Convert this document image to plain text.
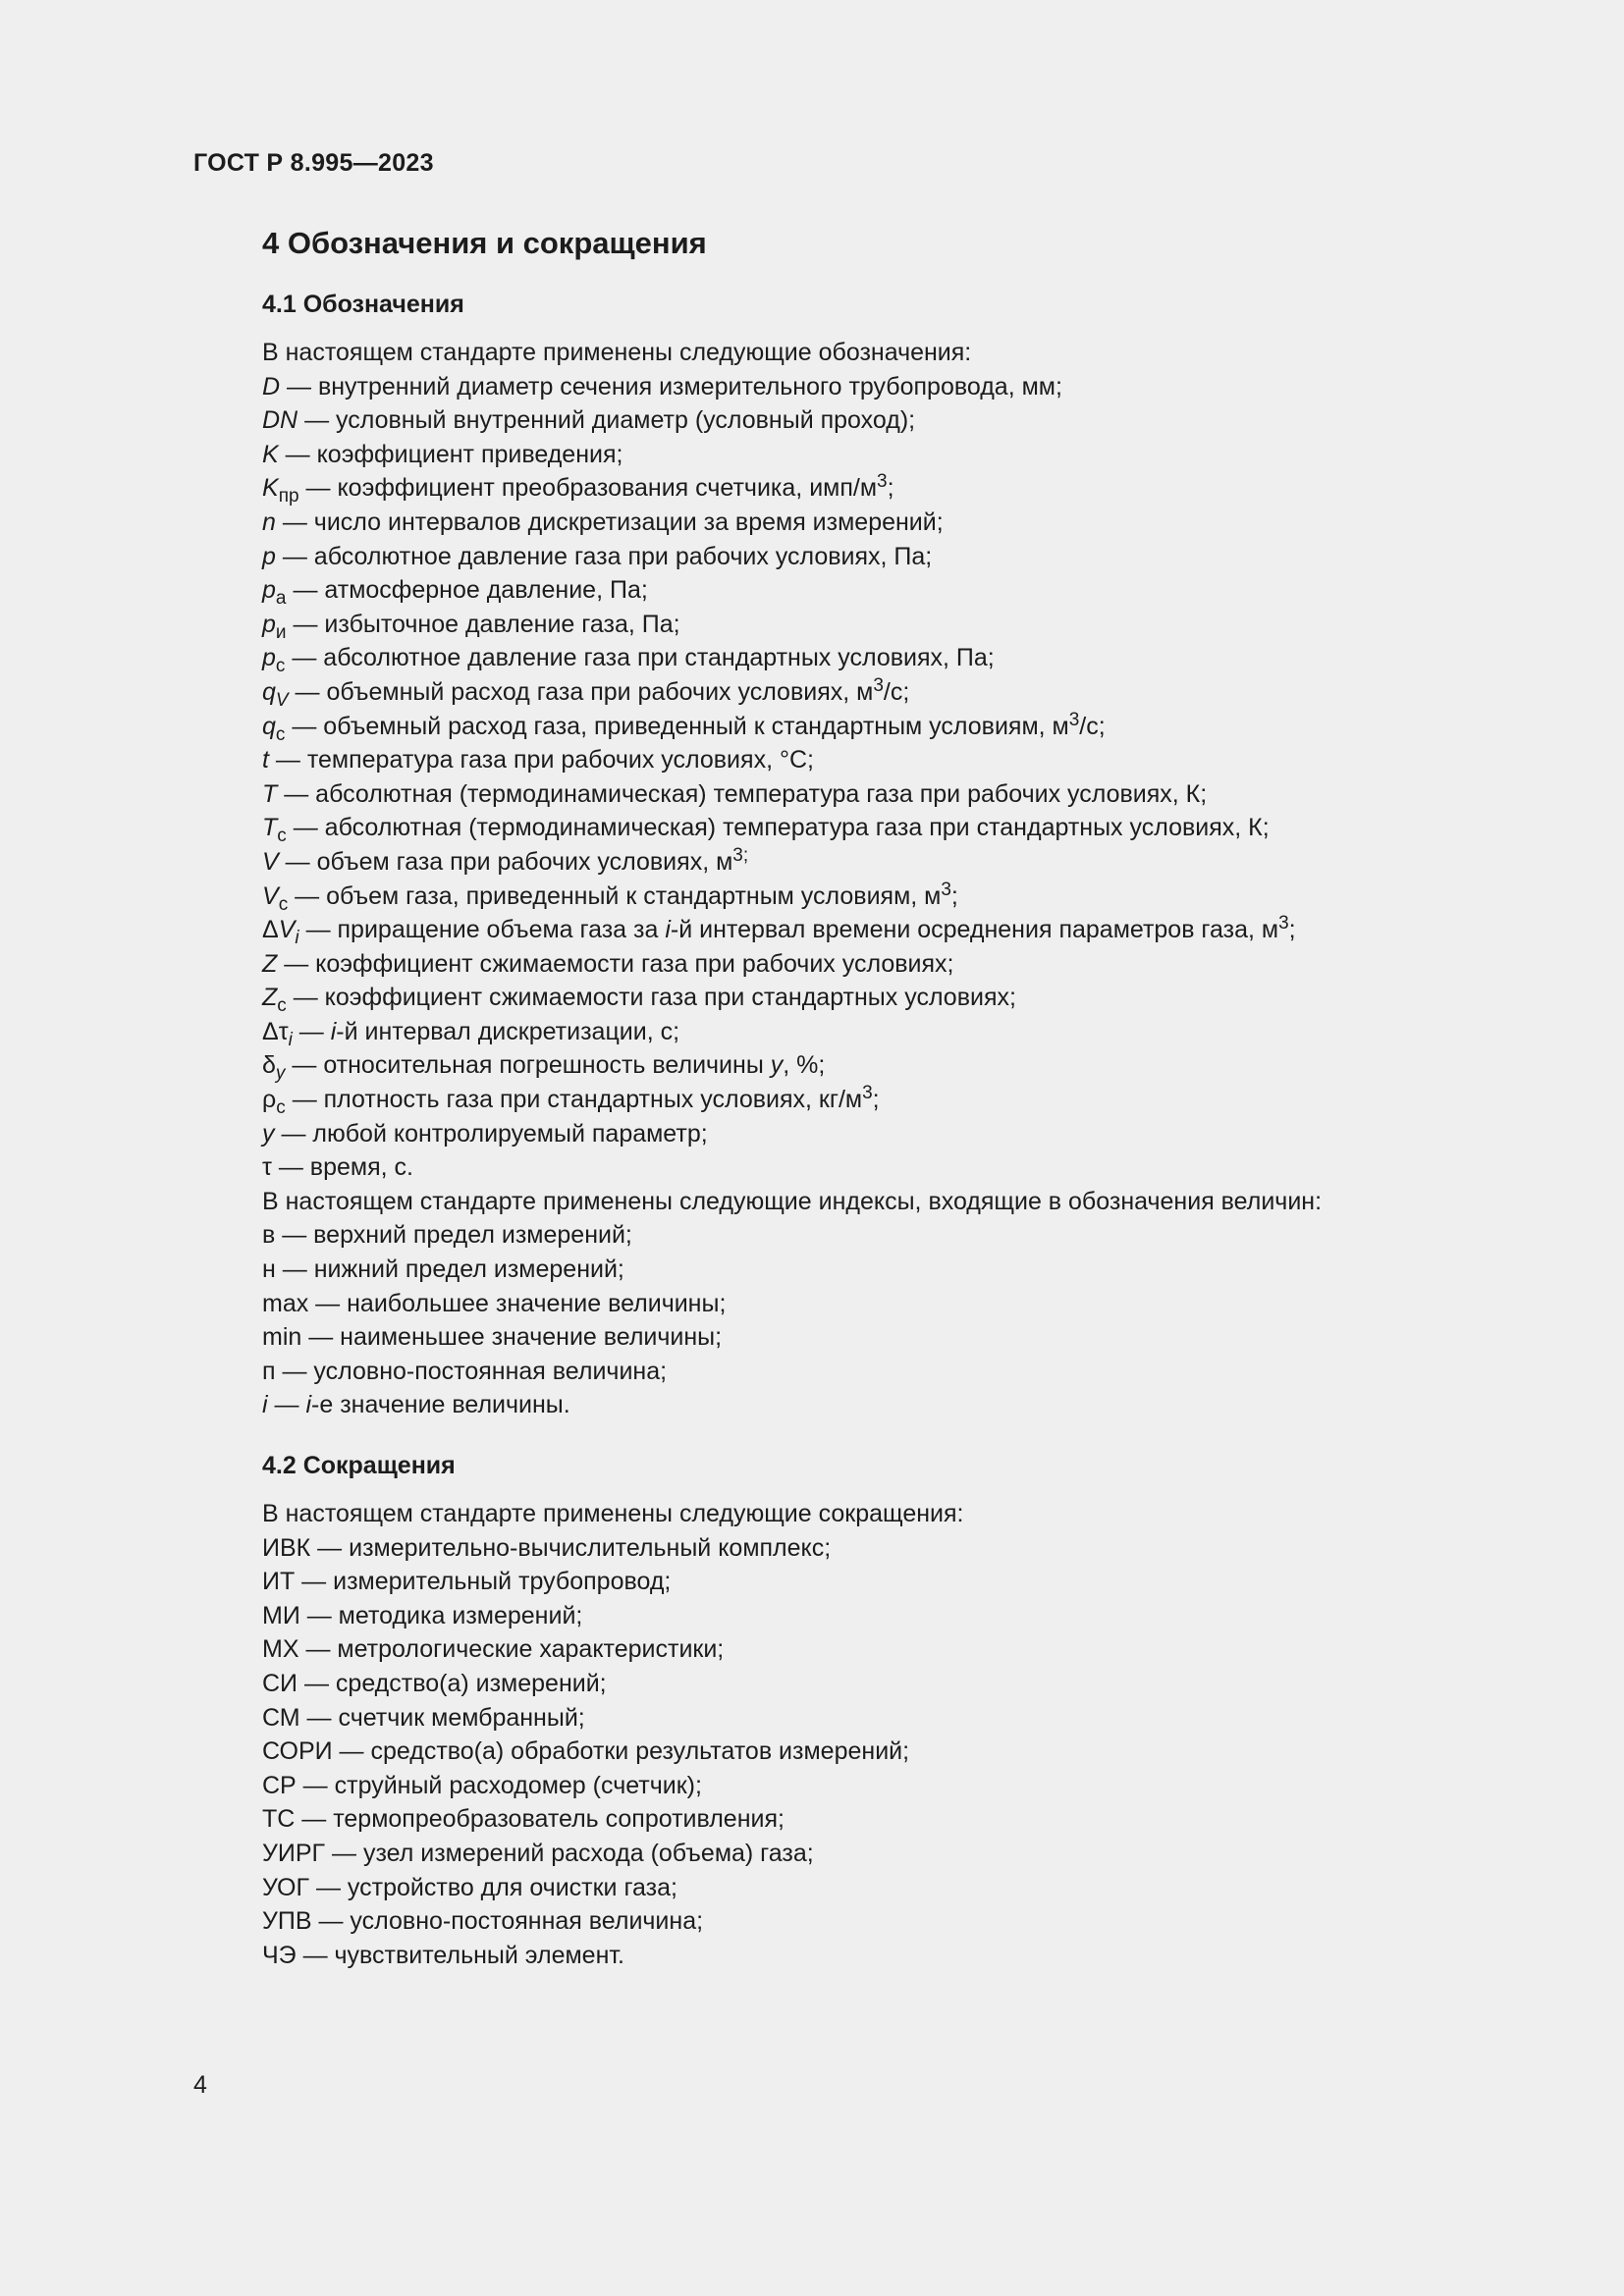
ГОСТ Р 8.995—2023
4 Обозначения и сокращения
4.1 Обозначения
В настоящем стандарте применены следующие обозначения:
D — внутренний диаметр сечения измерительного трубопровода, мм;
DN — условный внутренний диаметр (условный проход);
K — коэффициент приведения;
$K_{пр}$ — коэффициент преобразования счетчика, имп/$м^3$;
n — число интервалов дискретизации за время измерений;
p — абсолютное давление газа при рабочих условиях, Па;
$p_а$ — атмосферное давление, Па;
$p_и$ — избыточное давление газа, Па;
$p_с$ — абсолютное давление газа при стандартных условиях, Па;
$q_V$ — объемный расход газа при рабочих условиях, $м^3/с$;
$q_с$ — объемный расход газа, приведенный к стандартным условиям, $м^3/с$;
t — температура газа при рабочих условиях, °C;
T — абсолютная (термодинамическая) температура газа при рабочих условиях, К;
$T_с$ — абсолютная (термодинамическая) температура газа при стандартных условиях, К;
V — объем газа при рабочих условиях, $м^{3;}$
$V_с$ — объем газа, приведенный к стандартным условиям, $м^3$;
$\Delta V_i$ — приращение объема газа за i-й интервал времени осреднения параметров газа, $м^3$;
Z — коэффициент сжимаемости газа при рабочих условиях;
$Z_с$ — коэффициент сжимаемости газа при стандартных условиях;
$\Delta\tau_i$ — i-й интервал дискретизации, с;
$\delta_y$ — относительная погрешность величины y, %;
$\rho_с$ — плотность газа при стандартных условиях, $кг/м^3$;
y — любой контролируемый параметр;
τ — время, с.
В настоящем стандарте применены следующие индексы, входящие в обозначения величин:
в — верхний предел измерений;
н — нижний предел измерений;
max — наибольшее значение величины;
min — наименьшее значение величины;
п — условно-постоянная величина;
i — i-е значение величины.
4.2 Сокращения
В настоящем стандарте применены следующие сокращения:
ИВК — измерительно-вычислительный комплекс;
ИТ — измерительный трубопровод;
МИ — методика измерений;
МХ — метрологические характеристики;
СИ — средство(а) измерений;
СМ — счетчик мембранный;
СОРИ — средство(а) обработки результатов измерений;
СР — струйный расходомер (счетчик);
ТС — термопреобразователь сопротивления;
УИРГ — узел измерений расхода (объема) газа;
УОГ — устройство для очистки газа;
УПВ — условно-постоянная величина;
ЧЭ — чувствительный элемент.
4
